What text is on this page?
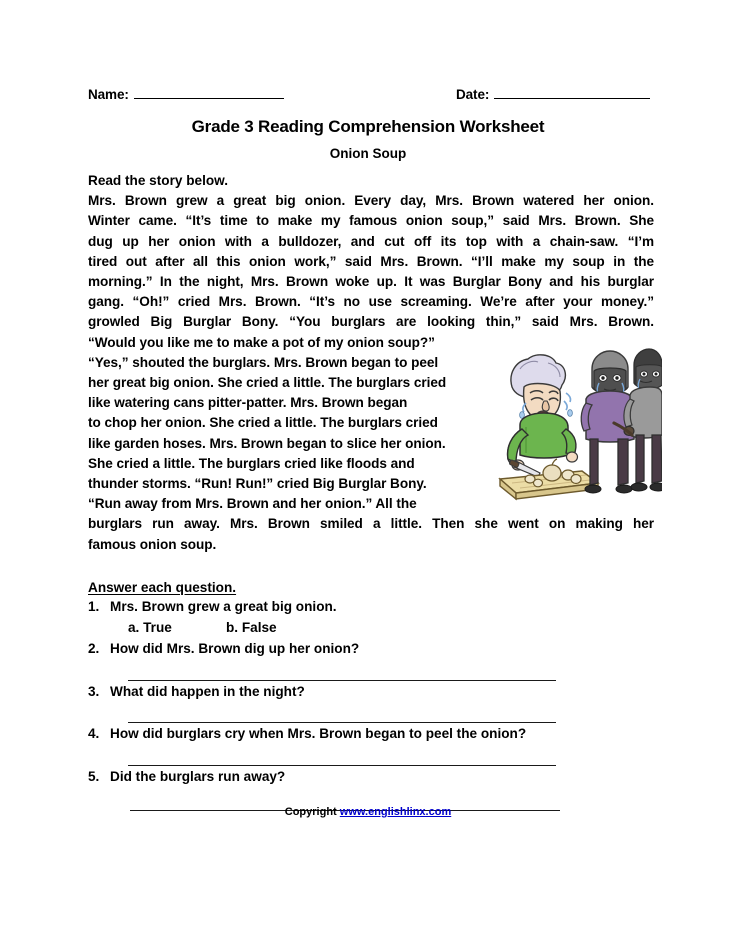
Name:	Date:
Grade 3 Reading Comprehension Worksheet
Onion Soup
Read the story below.
Mrs. Brown grew a great big onion. Every day, Mrs. Brown watered her onion.
Winter came. “It’s time to make my famous onion soup,” said Mrs. Brown. She
dug up her onion with a bulldozer, and cut off its top with a chain-saw. “I’m
tired out after all this onion work,” said Mrs. Brown. “I’ll make my soup in the
morning.” In the night, Mrs. Brown woke up. It was Burglar Bony and his burglar
gang. “Oh!” cried Mrs. Brown. “It’s no use screaming. We’re after your money.”
growled Big Burglar Bony. “You burglars are looking thin,” said Mrs. Brown.
“Would you like me to make a pot of my onion soup?”
“Yes,” shouted the burglars. Mrs. Brown began to peel
her great big onion. She cried a little. The burglars cried
like watering cans pitter-patter. Mrs. Brown began
to chop her onion. She cried a little. The burglars cried
like garden hoses. Mrs. Brown began to slice her onion.
She cried a little. The burglars cried like floods and
thunder storms. “Run! Run!” cried Big Burglar Bony.
“Run away from Mrs. Brown and her onion.” All the
burglars run away. Mrs. Brown smiled a little. Then she went on making her
famous onion soup.
Answer each question.
1. Mrs. Brown grew a great big onion.
a. True	b. False
2. How did Mrs. Brown dig up her onion?
3. What did happen in the night?
4. How did burglars cry when Mrs. Brown began to peel the onion?
5. Did the burglars run away?
Copyright www.englishlinx.com
